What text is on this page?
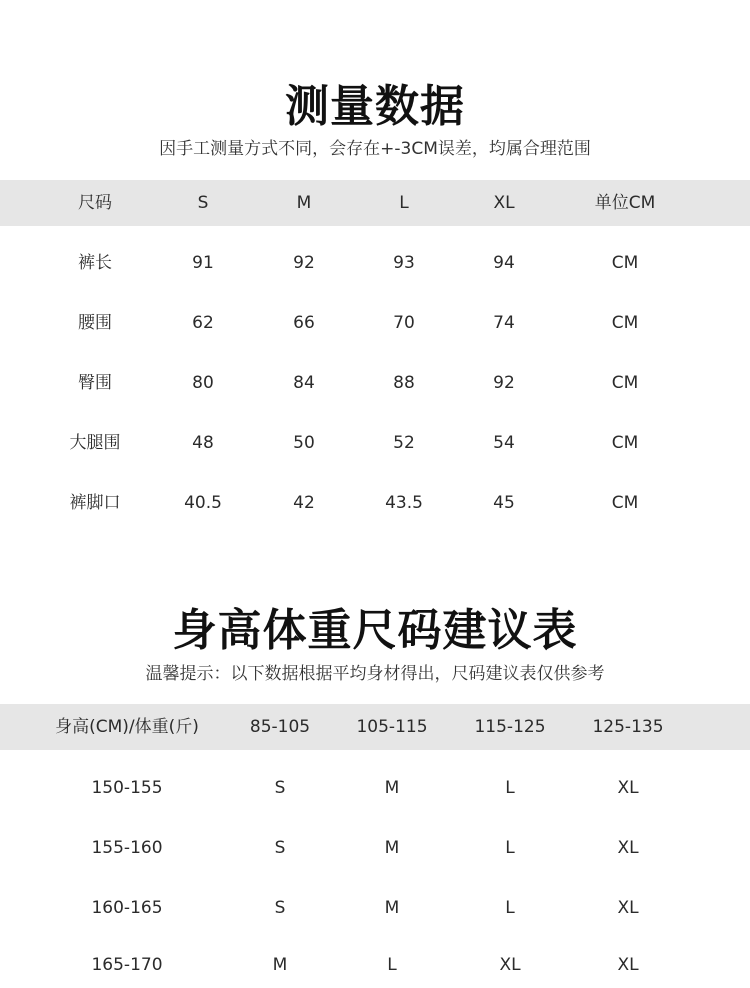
测量数据
因手工测量方式不同，会存在+-3CM误差，均属合理范围
尺码	S	M	L	XL	单位CM
裤长	91	92	93	94	CM
腰围	62	66	70	74	CM
臀围	80	84	88	92	CM
大腿围	48	50	52	54	CM
裤脚口	40.5	42	43.5	45	CM
身高体重尺码建议表
温馨提示：以下数据根据平均身材得出，尺码建议表仅供参考
身高(CM)/体重(斤)	85-105	105-115	115-125	125-135
150-155	S	M	L	XL
155-160	S	M	L	XL
160-165	S	M	L	XL
165-170	M	L	XL	XL
